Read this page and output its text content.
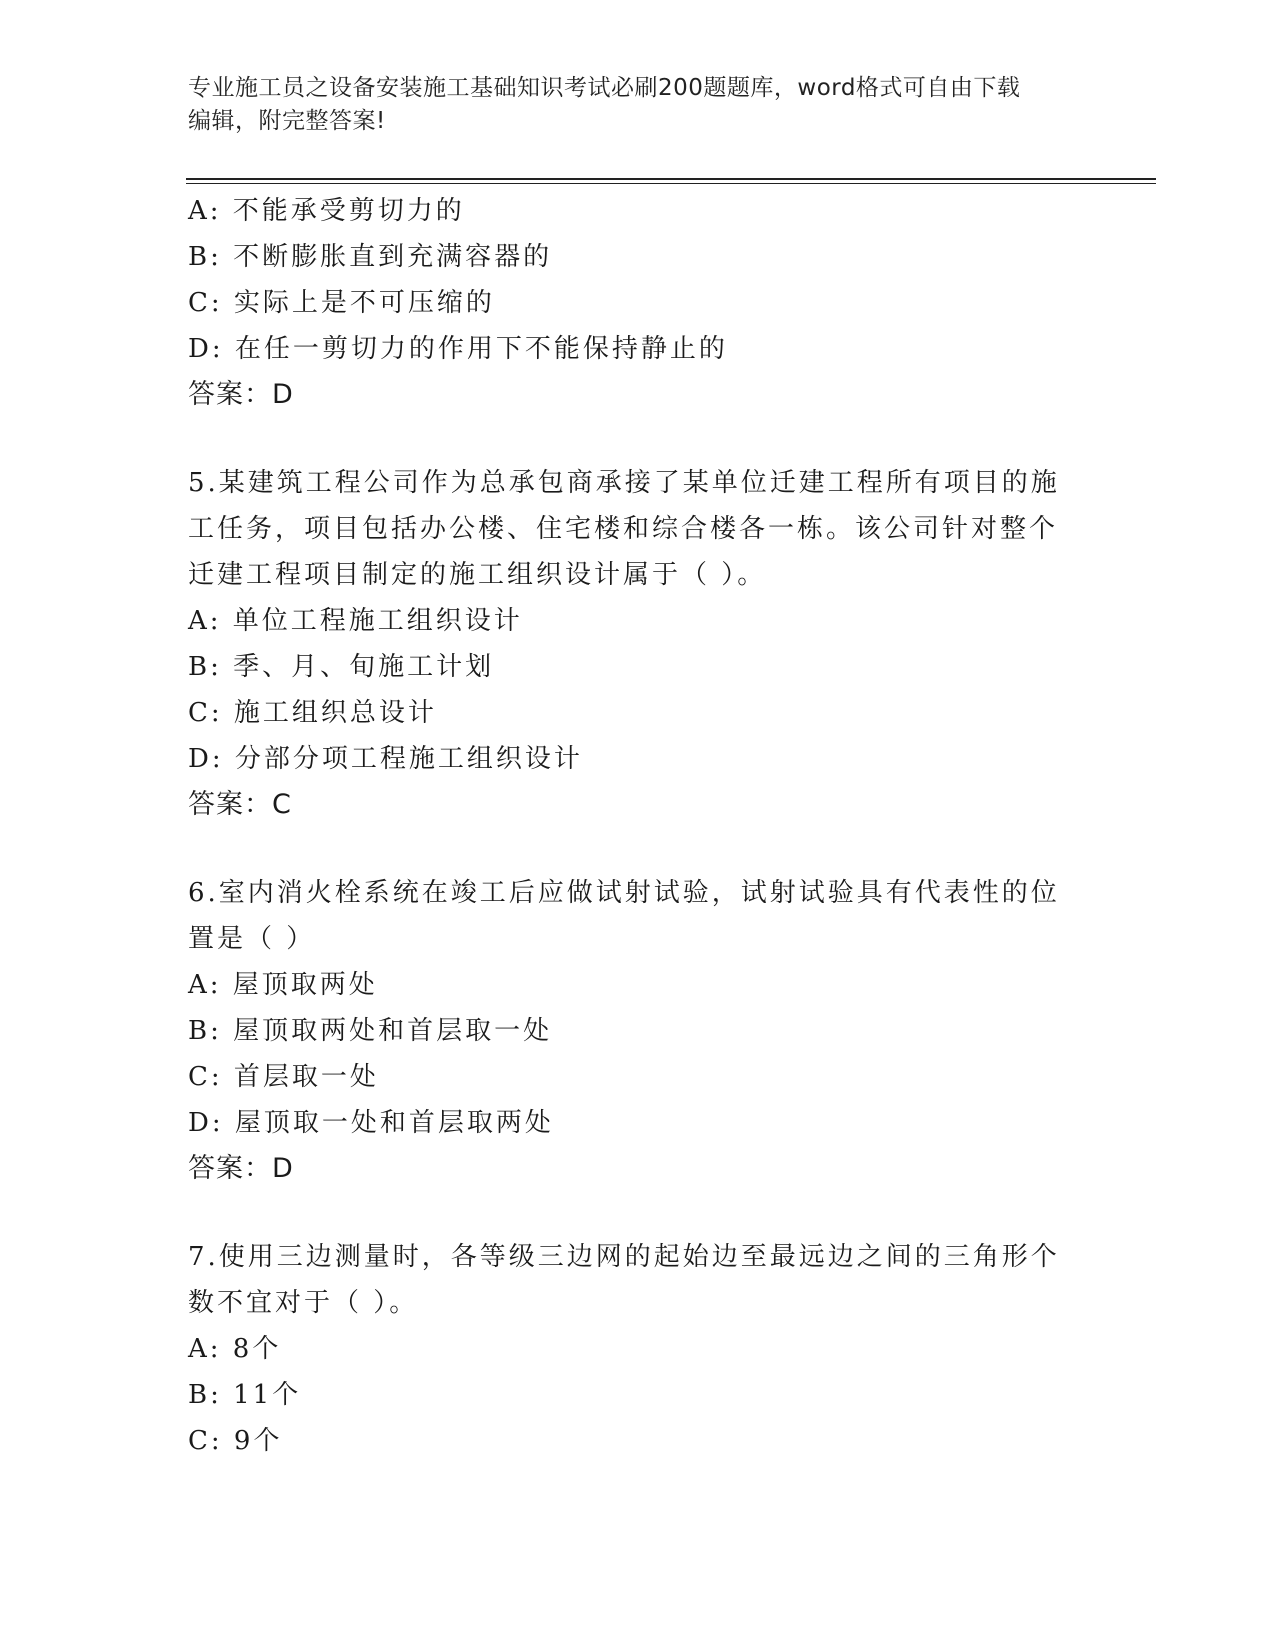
专业施工员之设备安装施工基础知识考试必刷200题题库，word格式可自由下载
编辑，附完整答案!
A: 不能承受剪切力的
B: 不断膨胀直到充满容器的
C: 实际上是不可压缩的
D: 在任一剪切力的作用下不能保持静止的
答案：D
5.某建筑工程公司作为总承包商承接了某单位迁建工程所有项目的施
工任务，项目包括办公楼、住宅楼和综合楼各一栋。该公司针对整个
迁建工程项目制定的施工组织设计属于（ ）。
A: 单位工程施工组织设计
B: 季、月、旬施工计划
C: 施工组织总设计
D: 分部分项工程施工组织设计
答案：C
6.室内消火栓系统在竣工后应做试射试验，试射试验具有代表性的位
置是（ ）
A: 屋顶取两处
B: 屋顶取两处和首层取一处
C: 首层取一处
D: 屋顶取一处和首层取两处
答案：D
7.使用三边测量时，各等级三边网的起始边至最远边之间的三角形个
数不宜对于（ ）。
A: 8个
B: 11个
C: 9个
